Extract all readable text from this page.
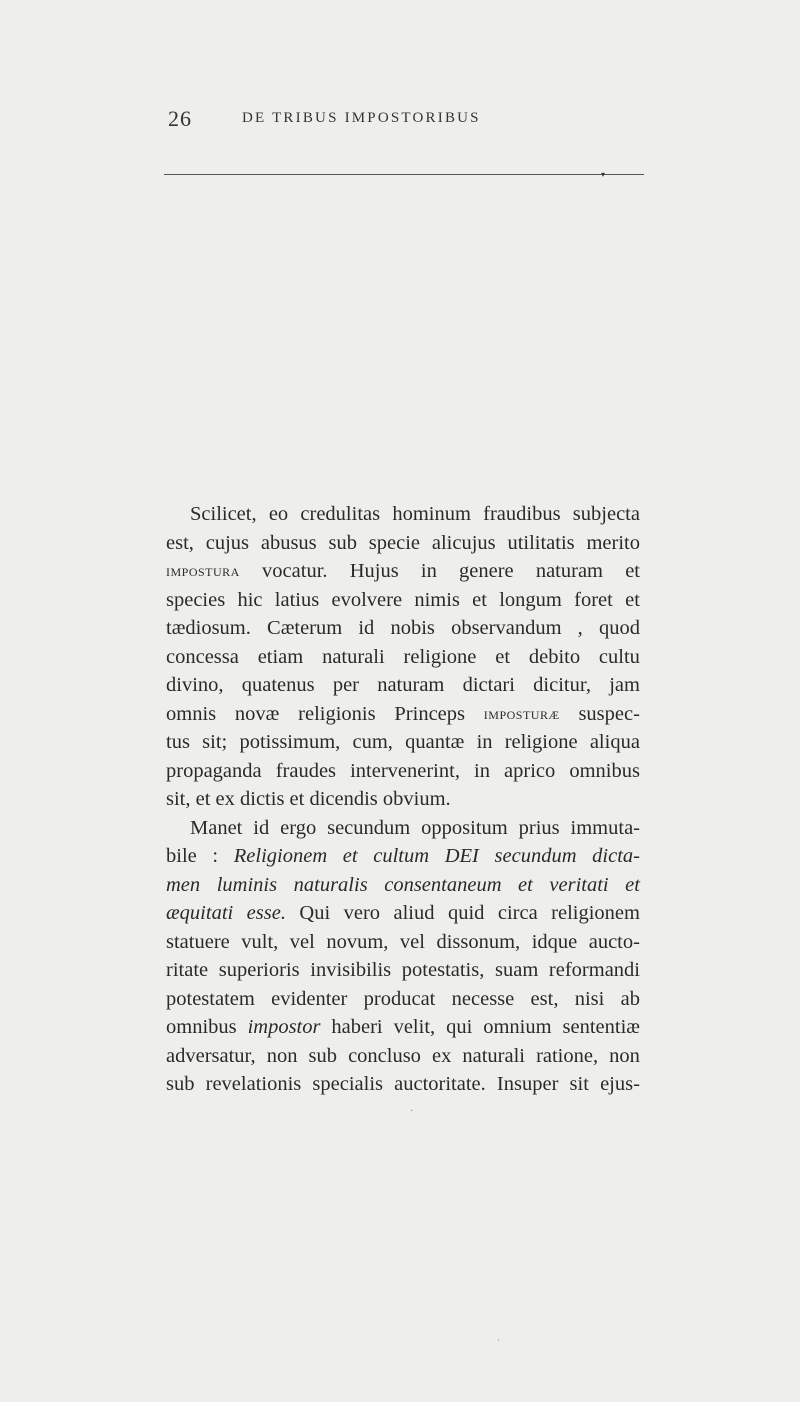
26	DE TRIBUS IMPOSTORIBUS
▾
Scilicet, eo credulitas hominum fraudibus subjecta
est, cujus abusus sub specie alicujus utilitatis merito
impostura vocatur. Hujus in genere naturam et
species hic latius evolvere nimis et longum foret et
tædiosum. Cæterum id nobis observandum , quod
concessa etiam naturali religione et debito cultu
divino, quatenus per naturam dictari dicitur, jam
omnis novæ religionis Princeps imposturæ suspec-
tus sit; potissimum, cum, quantæ in religione aliqua
propaganda fraudes intervenerint, in aprico omnibus
sit, et ex dictis et dicendis obvium.
Manet id ergo secundum oppositum prius immuta-
bile : Religionem et cultum DEI secundum dicta-
men luminis naturalis consentaneum et veritati et
æquitati esse. Qui vero aliud quid circa religionem
statuere vult, vel novum, vel dissonum, idque aucto-
ritate superioris invisibilis potestatis, suam reformandi
potestatem evidenter producat necesse est, nisi ab
omnibus impostor haberi velit, qui omnium sententiæ
adversatur, non sub concluso ex naturali ratione, non
sub revelationis specialis auctoritate. Insuper sit ejus-
·
ˌ
